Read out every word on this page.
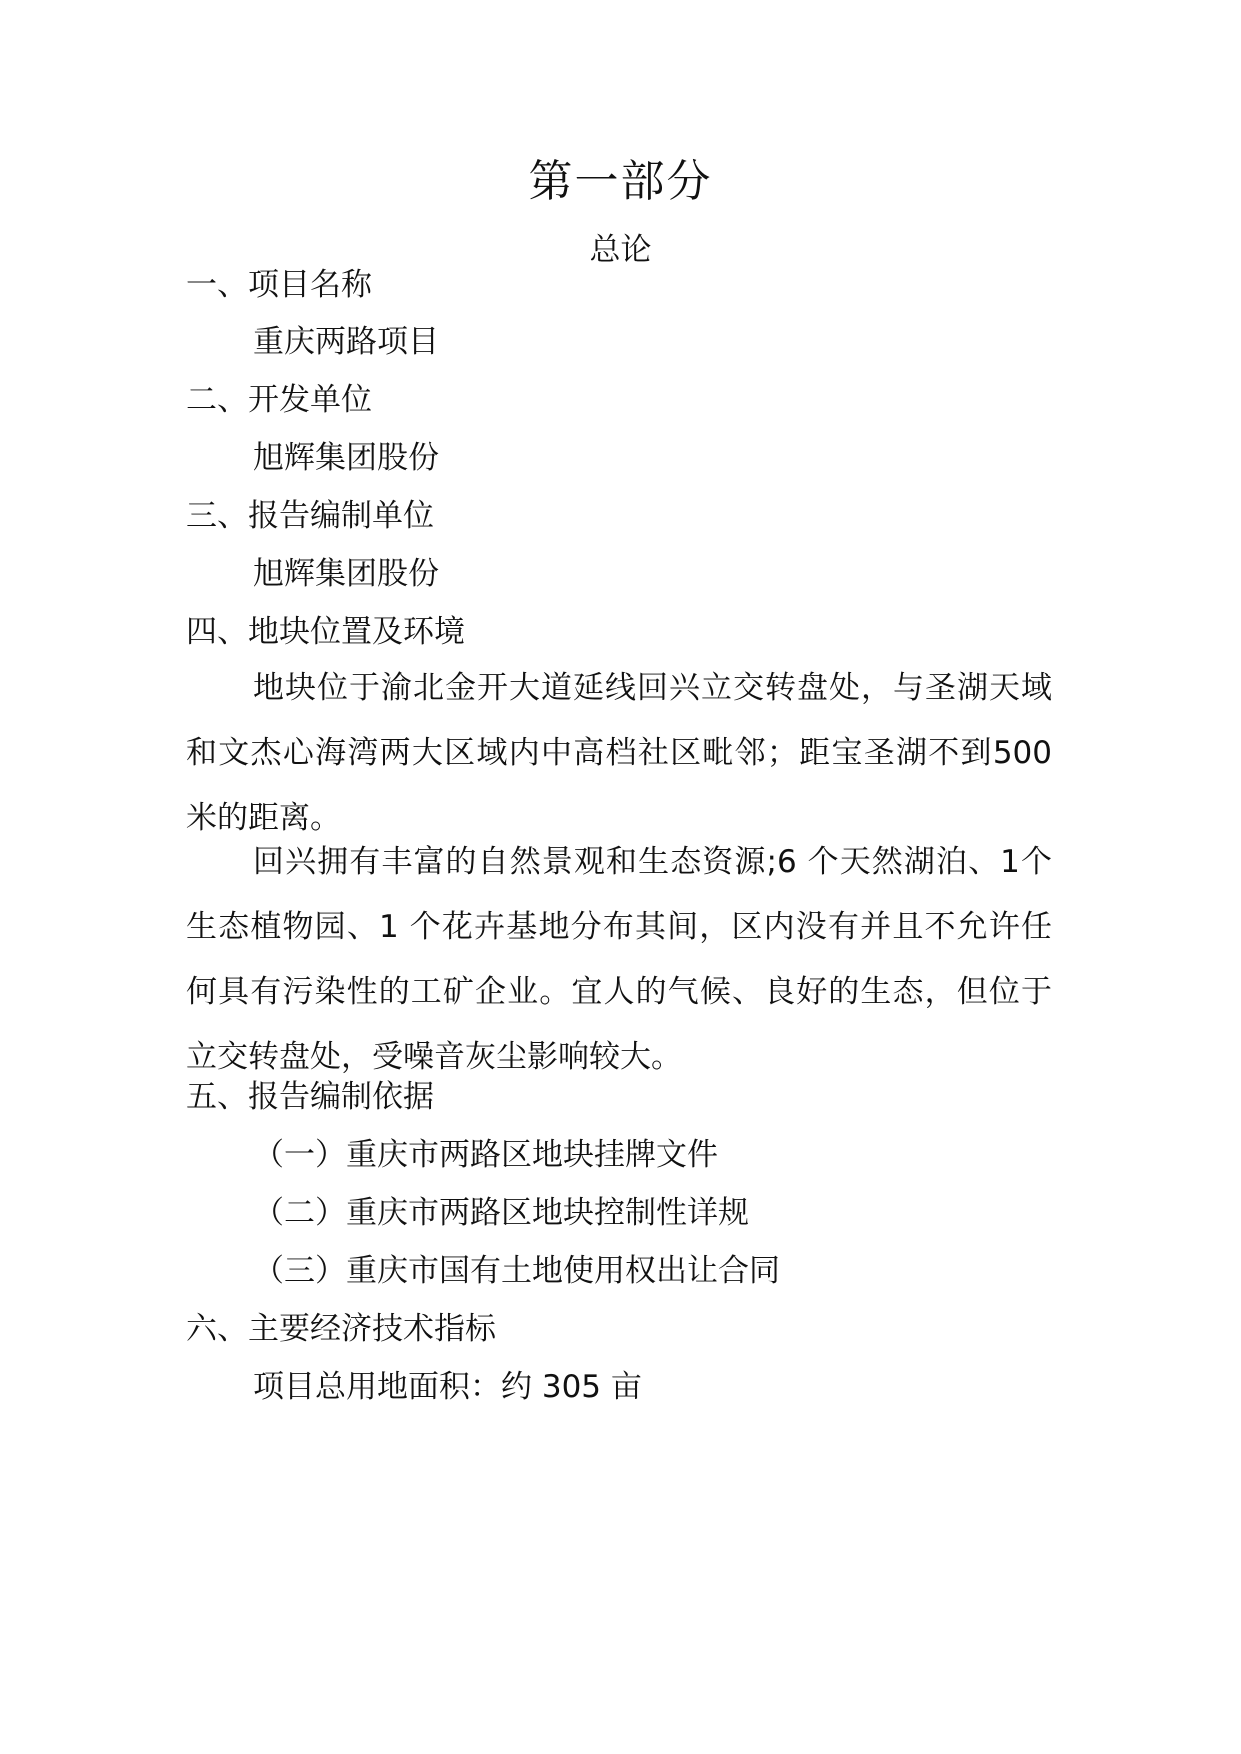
第一部分
总论
一、项目名称
重庆两路项目
二、开发单位
旭辉集团股份
三、报告编制单位
旭辉集团股份
四、地块位置及环境
地块位于渝北金开大道延线回兴立交转盘处，与圣湖天域和文杰心海湾两大区域内中高档社区毗邻；距宝圣湖不到500 米的距离。
回兴拥有丰富的自然景观和生态资源;6 个天然湖泊、1个生态植物园、1 个花卉基地分布其间，区内没有并且不允许任何具有污染性的工矿企业。宜人的气候、良好的生态，但位于立交转盘处，受噪音灰尘影响较大。
五、报告编制依据
（一）重庆市两路区地块挂牌文件
（二）重庆市两路区地块控制性详规
（三）重庆市国有土地使用权出让合同
六、主要经济技术指标
项目总用地面积：约 305 亩
